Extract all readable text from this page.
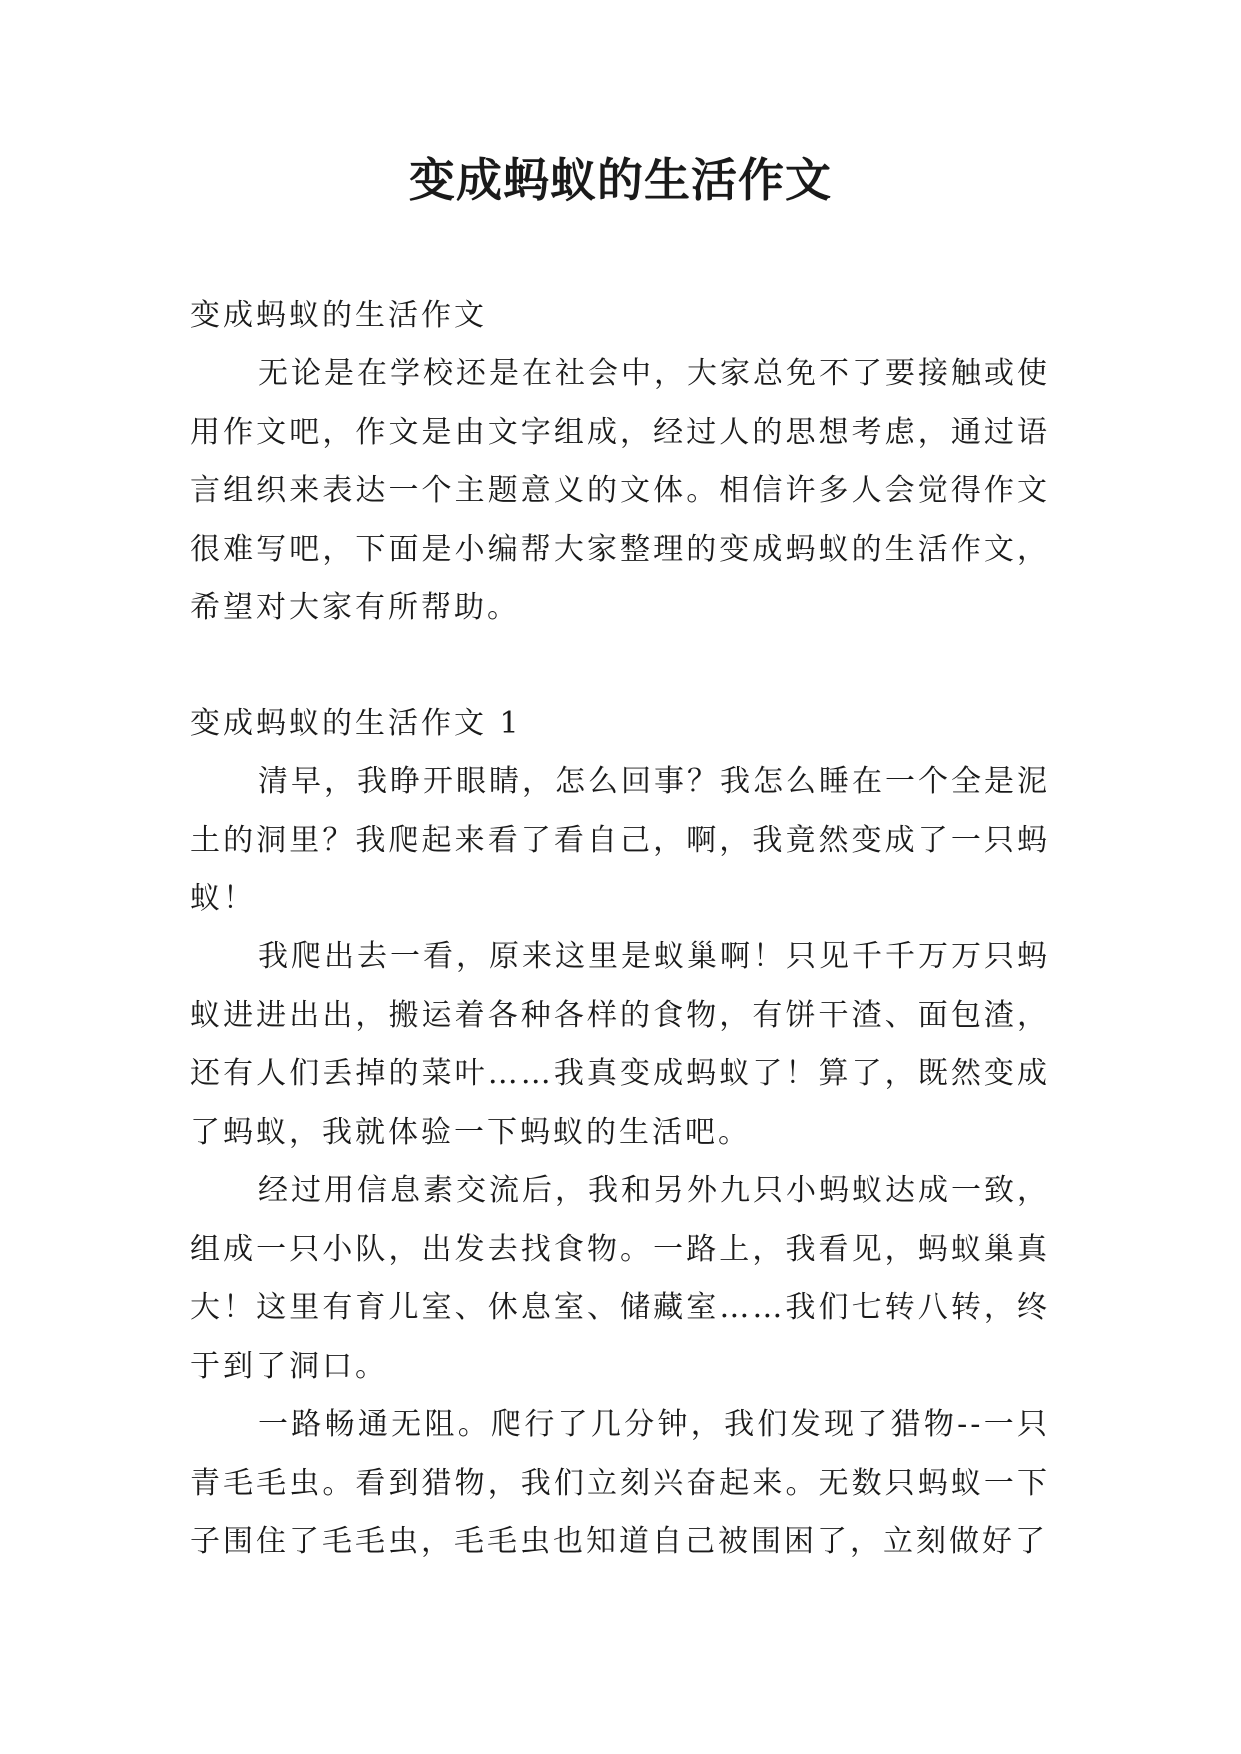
变成蚂蚁的生活作文
变成蚂蚁的生活作文

无论是在学校还是在社会中，大家总免不了要接触或使用作文吧，作文是由文字组成，经过人的思想考虑，通过语言组织来表达一个主题意义的文体。相信许多人会觉得作文很难写吧，下面是小编帮大家整理的变成蚂蚁的生活作文，希望对大家有所帮助。

变成蚂蚁的生活作文 1

清早，我睁开眼睛，怎么回事？我怎么睡在一个全是泥土的洞里？我爬起来看了看自己，啊，我竟然变成了一只蚂蚁！

我爬出去一看，原来这里是蚁巢啊！只见千千万万只蚂蚁进进出出，搬运着各种各样的食物，有饼干渣、面包渣，还有人们丢掉的菜叶……我真变成蚂蚁了！算了，既然变成了蚂蚁，我就体验一下蚂蚁的生活吧。

经过用信息素交流后，我和另外九只小蚂蚁达成一致，组成一只小队，出发去找食物。一路上，我看见，蚂蚁巢真大！这里有育儿室、休息室、储藏室……我们七转八转，终于到了洞口。

一路畅通无阻。爬行了几分钟，我们发现了猎物--一只青毛毛虫。看到猎物，我们立刻兴奋起来。无数只蚂蚁一下子围住了毛毛虫，毛毛虫也知道自己被围困了，立刻做好了
